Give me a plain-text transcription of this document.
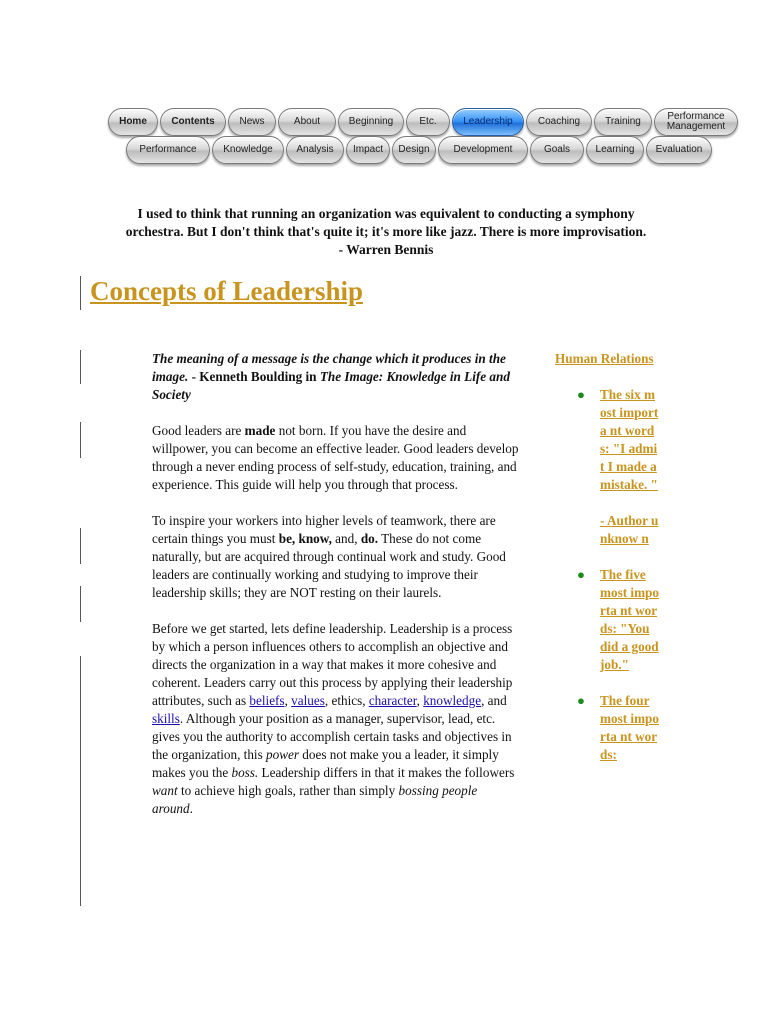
Home	Contents	News	About	Beginning	Etc.	Leadership	Coaching	Training	Performance Management
Performance	Knowledge	Analysis	Impact	Design	Development	Goals	Learning	Evaluation
I used to think that running an organization was equivalent to conducting a symphony
orchestra. But I don't think that's quite it; it's more like jazz. There is more improvisation.
- Warren Bennis
Concepts of Leadership

The meaning of a message is the change which it produces in the image. - Kenneth Boulding in The Image: Knowledge in Life and Society

Good leaders are made not born. If you have the desire and willpower, you can become an effective leader. Good leaders develop through a never ending process of self-study, education, training, and experience. This guide will help you through that process.

To inspire your workers into higher levels of teamwork, there are certain things you must be, know, and, do. These do not come naturally, but are acquired through continual work and study. Good leaders are continually working and studying to improve their leadership skills; they are NOT resting on their laurels.

Before we get started, lets define leadership. Leadership is a process by which a person influences others to accomplish an objective and directs the organization in a way that makes it more cohesive and coherent. Leaders carry out this process by applying their leadership attributes, such as beliefs, values, ethics, character, knowledge, and skills. Although your position as a manager, supervisor, lead, etc. gives you the authority to accomplish certain tasks and objectives in the organization, this power does not make you a leader, it simply makes you the boss. Leadership differs in that it makes the followers want to achieve high goals, rather than simply bossing people around.

Human Relations
● The six most importa nt words: "I admit I made a mistake. "
- Author unknow n
● The five most importa nt words: "You did a good job."
● The four most importa nt words:
